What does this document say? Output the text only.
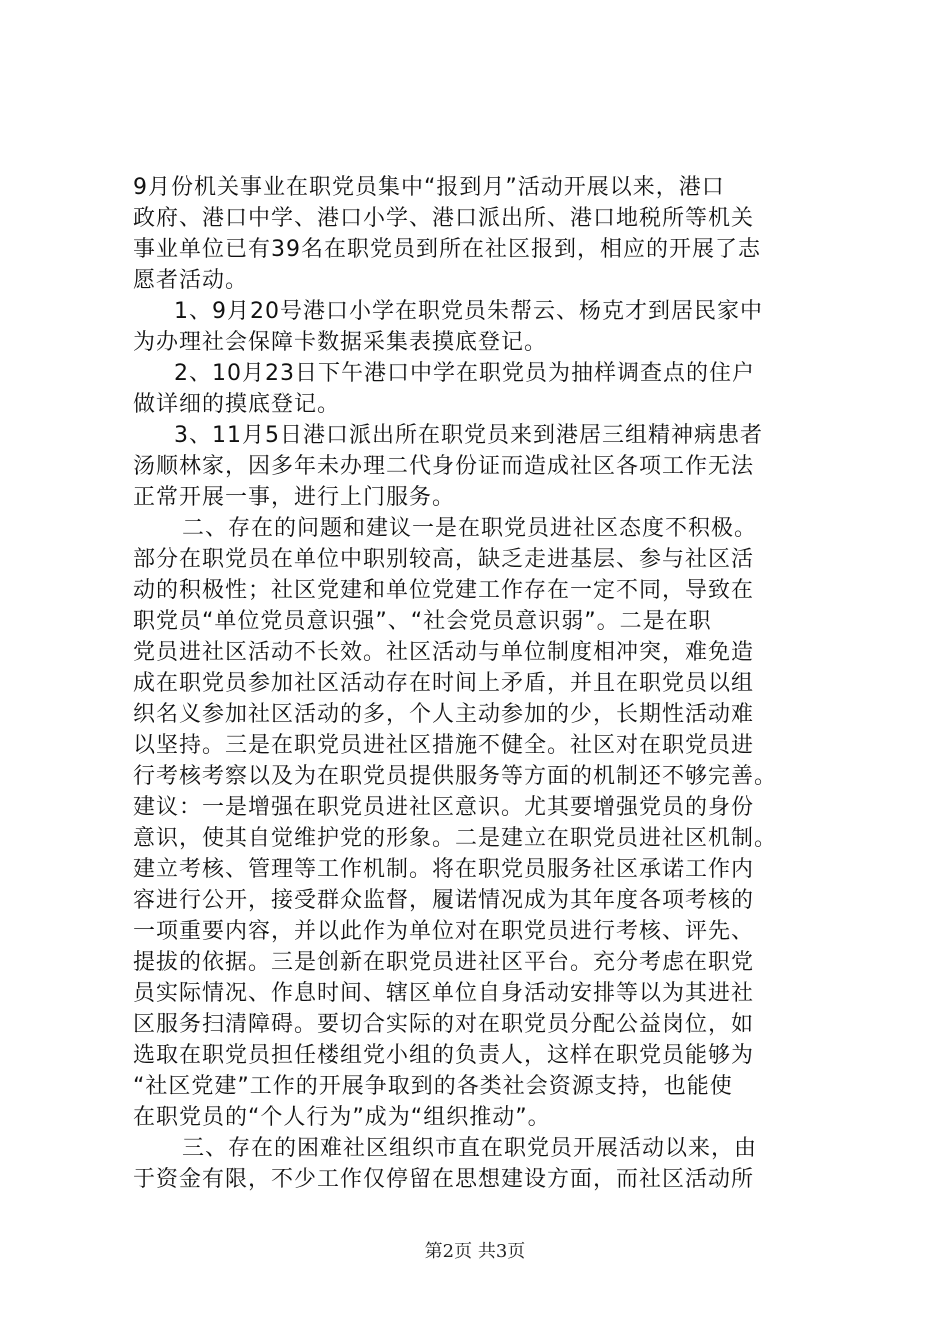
9月份机关事业在职党员集中“报到月”活动开展以来，港口
政府、港口中学、港口小学、港口派出所、港口地税所等机关
事业单位已有39名在职党员到所在社区报到，相应的开展了志
愿者活动。
1、9月20号港口小学在职党员朱帮云、杨克才到居民家中
为办理社会保障卡数据采集表摸底登记。
2、10月23日下午港口中学在职党员为抽样调查点的住户
做详细的摸底登记。
3、11月5日港口派出所在职党员来到港居三组精神病患者
汤顺林家，因多年未办理二代身份证而造成社区各项工作无法
正常开展一事，进行上门服务。
二、存在的问题和建议一是在职党员进社区态度不积极。
部分在职党员在单位中职别较高，缺乏走进基层、参与社区活
动的积极性；社区党建和单位党建工作存在一定不同，导致在
职党员“单位党员意识强”、“社会党员意识弱”。二是在职
党员进社区活动不长效。社区活动与单位制度相冲突，难免造
成在职党员参加社区活动存在时间上矛盾，并且在职党员以组
织名义参加社区活动的多，个人主动参加的少，长期性活动难
以坚持。三是在职党员进社区措施不健全。社区对在职党员进
行考核考察以及为在职党员提供服务等方面的机制还不够完善。
建议：一是增强在职党员进社区意识。尤其要增强党员的身份
意识，使其自觉维护党的形象。二是建立在职党员进社区机制。
建立考核、管理等工作机制。将在职党员服务社区承诺工作内
容进行公开，接受群众监督，履诺情况成为其年度各项考核的
一项重要内容，并以此作为单位对在职党员进行考核、评先、
提拔的依据。三是创新在职党员进社区平台。充分考虑在职党
员实际情况、作息时间、辖区单位自身活动安排等以为其进社
区服务扫清障碍。要切合实际的对在职党员分配公益岗位，如
选取在职党员担任楼组党小组的负责人，这样在职党员能够为
“社区党建”工作的开展争取到的各类社会资源支持，也能使
在职党员的“个人行为”成为“组织推动”。
三、存在的困难社区组织市直在职党员开展活动以来，由
于资金有限，不少工作仅停留在思想建设方面，而社区活动所
第2页 共3页
